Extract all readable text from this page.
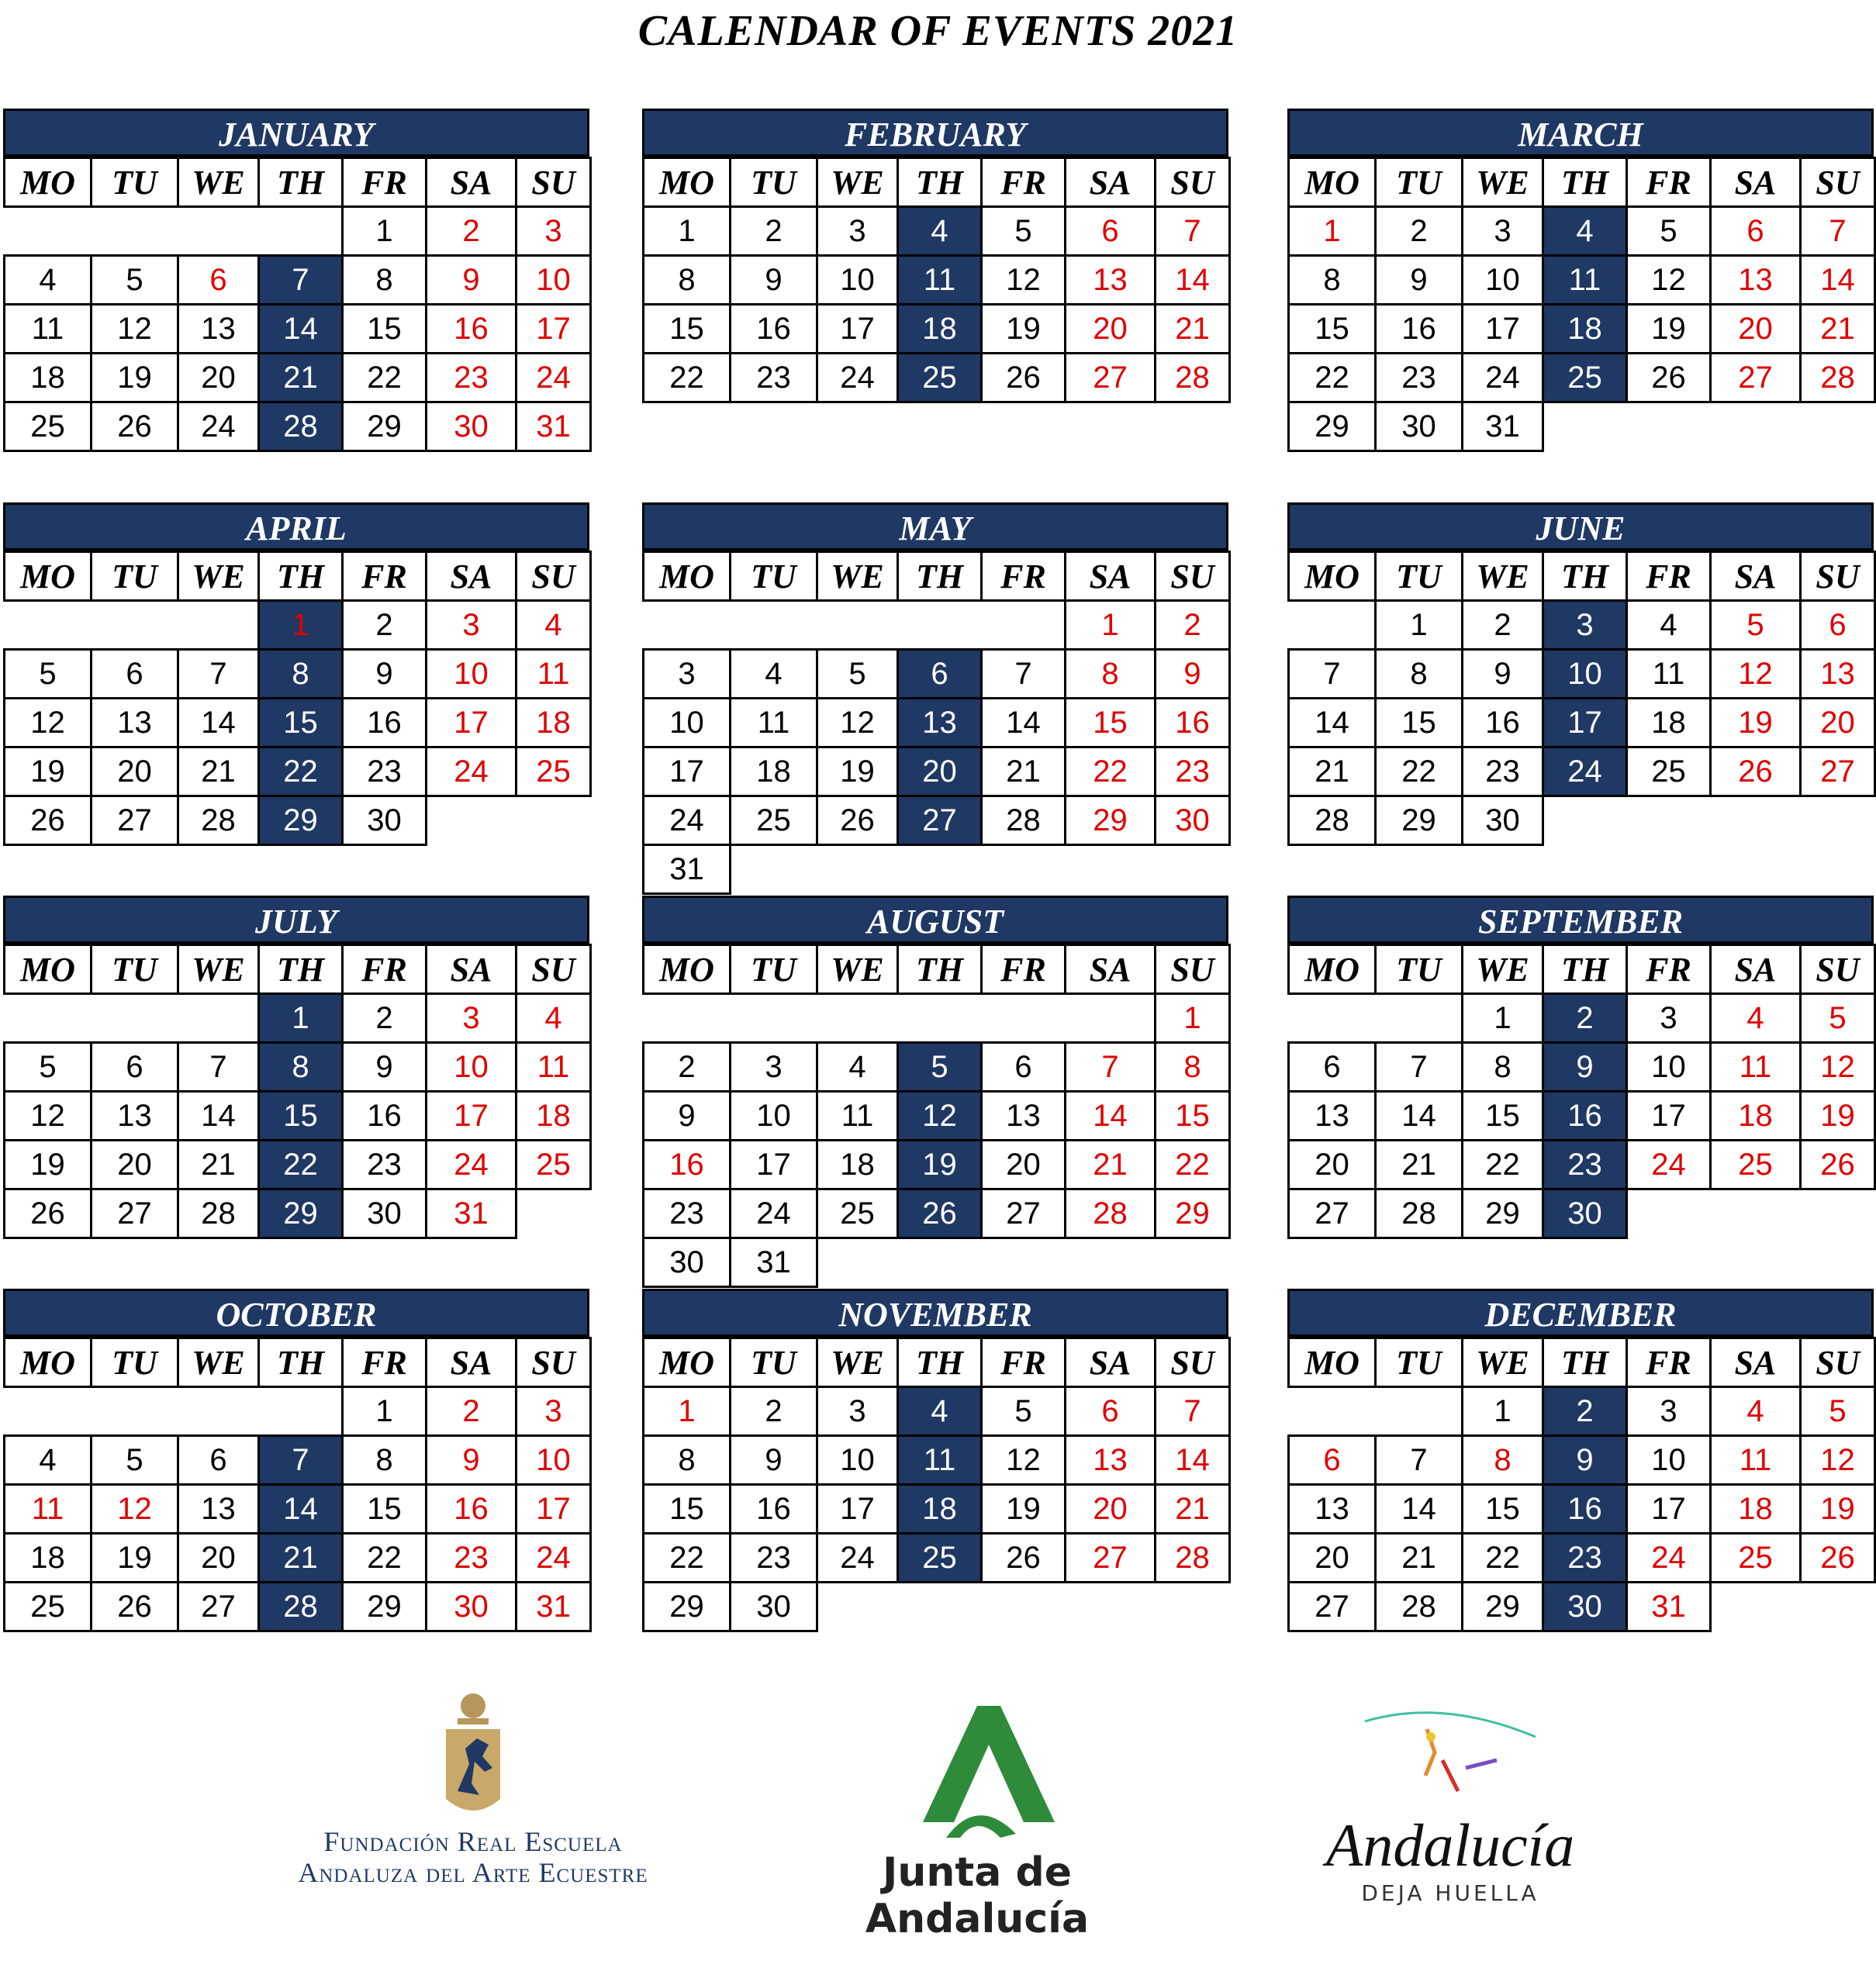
CALENDAR OF EVENTS 2021
JANUARY
MO	TU	WE	TH	FR	SA	SU
				1	2	3
4	5	6	7	8	9	10
11	12	13	14	15	16	17
18	19	20	21	22	23	24
25	26	24	28	29	30	31
FEBRUARY
MO	TU	WE	TH	FR	SA	SU
1	2	3	4	5	6	7
8	9	10	11	12	13	14
15	16	17	18	19	20	21
22	23	24	25	26	27	28
MARCH
MO	TU	WE	TH	FR	SA	SU
1	2	3	4	5	6	7
8	9	10	11	12	13	14
15	16	17	18	19	20	21
22	23	24	25	26	27	28
29	30	31				
APRIL
MO	TU	WE	TH	FR	SA	SU
			1	2	3	4
5	6	7	8	9	10	11
12	13	14	15	16	17	18
19	20	21	22	23	24	25
26	27	28	29	30		
MAY
MO	TU	WE	TH	FR	SA	SU
					1	2
3	4	5	6	7	8	9
10	11	12	13	14	15	16
17	18	19	20	21	22	23
24	25	26	27	28	29	30
31						
JUNE
MO	TU	WE	TH	FR	SA	SU
	1	2	3	4	5	6
7	8	9	10	11	12	13
14	15	16	17	18	19	20
21	22	23	24	25	26	27
28	29	30				
JULY
MO	TU	WE	TH	FR	SA	SU
			1	2	3	4
5	6	7	8	9	10	11
12	13	14	15	16	17	18
19	20	21	22	23	24	25
26	27	28	29	30	31	
AUGUST
MO	TU	WE	TH	FR	SA	SU
						1
2	3	4	5	6	7	8
9	10	11	12	13	14	15
16	17	18	19	20	21	22
23	24	25	26	27	28	29
30	31					
SEPTEMBER
MO	TU	WE	TH	FR	SA	SU
		1	2	3	4	5
6	7	8	9	10	11	12
13	14	15	16	17	18	19
20	21	22	23	24	25	26
27	28	29	30			
OCTOBER
MO	TU	WE	TH	FR	SA	SU
				1	2	3
4	5	6	7	8	9	10
11	12	13	14	15	16	17
18	19	20	21	22	23	24
25	26	27	28	29	30	31
NOVEMBER
MO	TU	WE	TH	FR	SA	SU
1	2	3	4	5	6	7
8	9	10	11	12	13	14
15	16	17	18	19	20	21
22	23	24	25	26	27	28
29	30					
DECEMBER
MO	TU	WE	TH	FR	SA	SU
		1	2	3	4	5
6	7	8	9	10	11	12
13	14	15	16	17	18	19
20	21	22	23	24	25	26
27	28	29	30	31		
Fundación Real Escuela
Andaluza del Arte Ecuestre	Junta de Andalucía
Andalucía
DEJA HUELLA
